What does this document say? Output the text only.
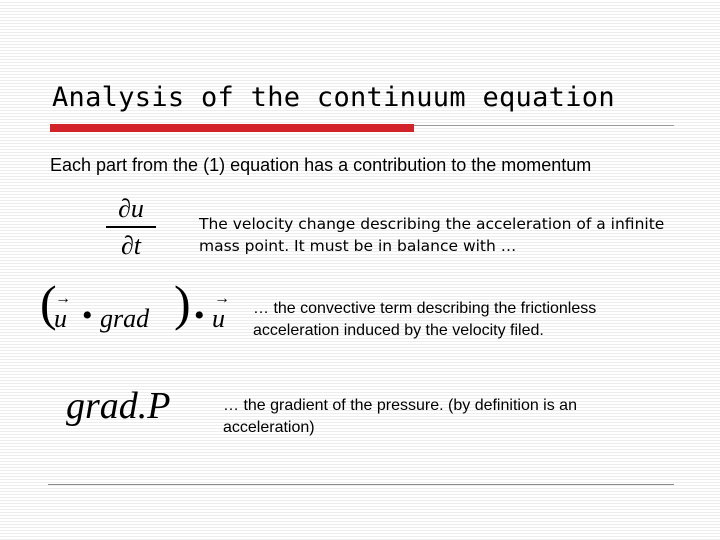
Analysis of the continuum equation
Each part from the (1) equation has a contribution to the momentum
∂u
∂t
The velocity change describing the acceleration of a infinite mass point. It must be in balance with …
(
→
u • grad ) •
→
u … the convective term describing the frictionless acceleration induced by the velocity filed.
grad.P	… the gradient of the pressure. (by definition is an acceleration)
